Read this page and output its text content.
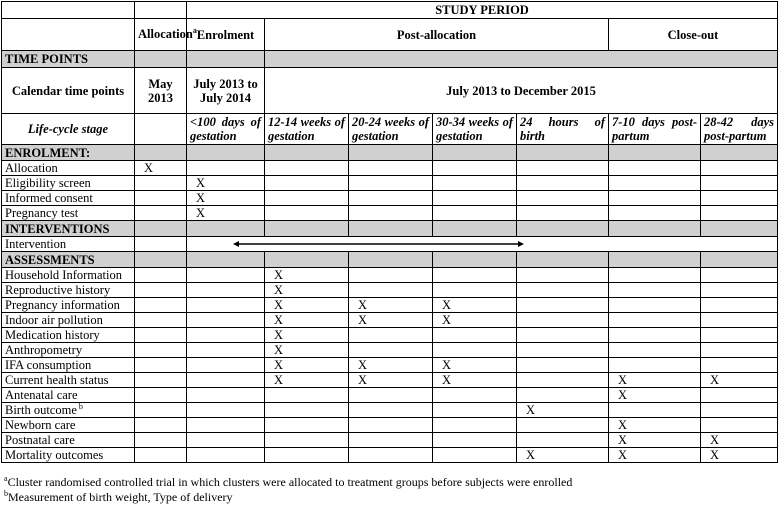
		STUDY PERIOD						
	Allocation$^a$	Enrolment	Post-allocation				Close-out	
TIME POINTS								
Calendar time points	May 2013	July 2013 to July 2014	July 2013 to December 2015					
Life-cycle stage		<100 days of gestation	12-14 weeks of gestation	20-24 weeks of gestation	30-34 weeks of gestation	24 hours of birth	7-10 days post-partum	28-42 days post-partum
ENROLMENT:								
Allocation	X							
Eligibility screen		X						
Informed consent		X						
Pregnancy test		X						
INTERVENTIONS								
Intervention		

ASSESSMENTS								
Household Information			X					
Reproductive history			X					
Pregnancy information			X	X	X			
Indoor air pollution			X	X	X			
Medication history			X					
Anthropometry			X					
IFA consumption			X	X	X			
Current health status			X	X	X		X	X
Antenatal care							X	
Birth outcome $^b$						X		
Newborn care							X	
Postnatal care							X	X
Mortality outcomes						X	X	X
$^a$Cluster randomised controlled trial in which clusters were allocated to treatment groups before subjects were enrolled
$^b$Measurement of birth weight, Type of delivery
